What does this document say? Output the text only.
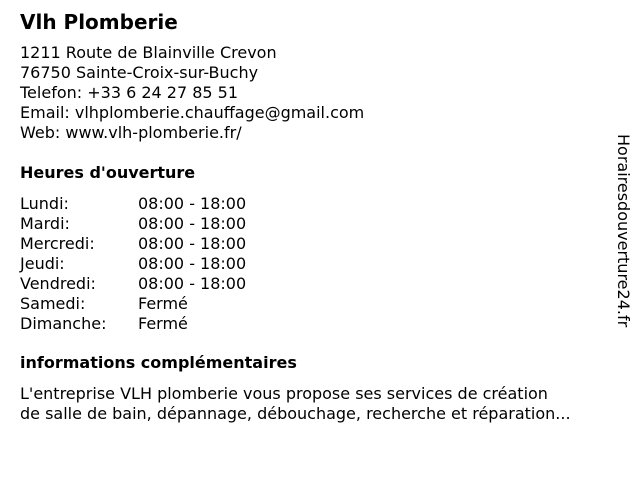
Vlh Plomberie
1211 Route de Blainville Crevon
76750 Sainte-Croix-sur-Buchy
Telefon: +33 6 24 27 85 51
Email: vlhplomberie.chauffage@gmail.com
Web: www.vlh-plomberie.fr/
Heures d'ouverture
Lundi:	08:00 - 18:00
Mardi:	08:00 - 18:00
Mercredi:	08:00 - 18:00
Jeudi:	08:00 - 18:00
Vendredi:	08:00 - 18:00
Samedi:	Fermé
Dimanche: Fermé
informations complémentaires
L'entreprise VLH plomberie vous propose ses services de création
de salle de bain, dépannage, débouchage, recherche et réparation...
Horairesdouverture24.fr
